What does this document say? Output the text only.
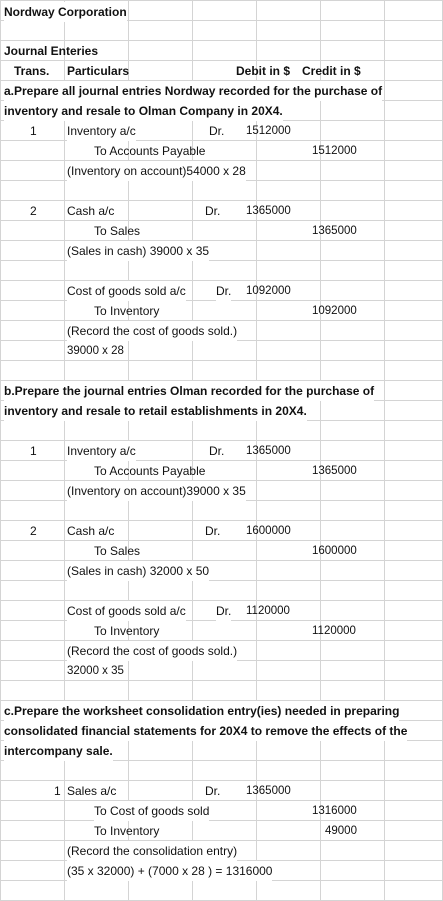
Nordway Corporation
Journal Enteries
Trans. Particulars	Debit in $ Credit in $
a.Prepare all journal entries Nordway recorded for the purchase of
inventory and resale to Olman Company in 20X4.
1	Inventory a/c	Dr. 1512000
To Accounts Payable	1512000
(Inventory on account)54000 x 28
2	Cash a/c	Dr. 1365000
To Sales	1365000
(Sales in cash) 39000 x 35
Cost of goods sold a/c	Dr. 1092000
To Inventory	1092000
(Record the cost of goods sold.)
39000 x 28
b.Prepare the journal entries Olman recorded for the purchase of
inventory and resale to retail establishments in 20X4.
1	Inventory a/c	Dr. 1365000
To Accounts Payable	1365000
(Inventory on account)39000 x 35
2	Cash a/c	Dr. 1600000
To Sales	1600000
(Sales in cash) 32000 x 50
Cost of goods sold a/c	Dr. 1120000
To Inventory	1120000
(Record the cost of goods sold.)
32000 x 35
c.Prepare the worksheet consolidation entry(ies) needed in preparing
consolidated financial statements for 20X4 to remove the effects of the
intercompany sale.
1 Sales a/c	Dr. 1365000
To Cost of goods sold	1316000
To Inventory	49000
(Record the consolidation entry)
(35 x 32000) + (7000 x 28 ) = 1316000
